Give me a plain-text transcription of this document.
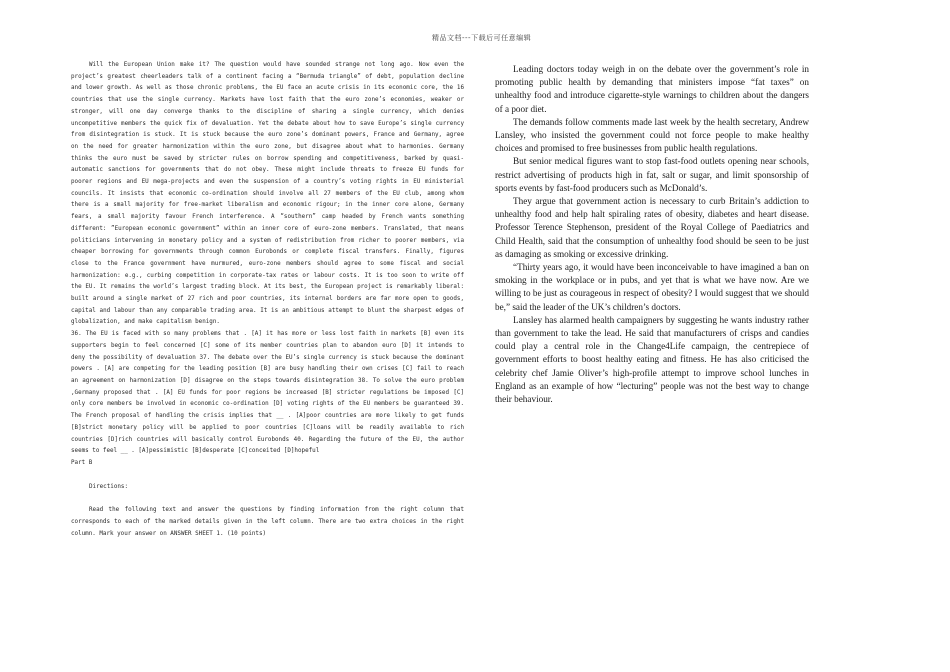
精品文档---下载后可任意编辑

Will the European Union make it? The question would have sounded strange not long ago. Now even the project’s greatest cheerleaders talk of a continent facing a “Bermuda triangle” of debt, population decline and lower growth. As well as those chronic problems, the EU face an acute crisis in its economic core, the 16 countries that use the single currency. Markets have lost faith that the euro zone’s economies, weaker or stronger, will one day converge thanks to the discipline of sharing a single currency, which denies uncompetitive members the quick fix of devaluation. Yet the debate about how to save Europe’s single currency from disintegration is stuck. It is stuck because the euro zone’s dominant powers, France and Germany, agree on the need for greater harmonization within the euro zone, but disagree about what to harmonies. Germany thinks the euro must be saved by stricter rules on borrow spending and competitiveness, barked by quasi-automatic sanctions for governments that do not obey. These might include threats to freeze EU funds for poorer regions and EU mega-projects and even the suspension of a country’s voting rights in EU ministerial councils. It insists that economic co-ordination should involve all 27 members of the EU club, among whom there is a small majority for free-market liberalism and economic rigour; in the inner core alone, Germany fears, a small majority favour French interference. A “southern” camp headed by French wants something different: ”European economic government” within an inner core of euro-zone members. Translated, that means politicians intervening in monetary policy and a system of redistribution from richer to poorer members, via cheaper borrowing for governments through common Eurobonds or complete fiscal transfers. Finally, figures close to the France government have murmured, euro-zone members should agree to some fiscal and social harmonization: e.g., curbing competition in corporate-tax rates or labour costs. It is too soon to write off the EU. It remains the world’s largest trading block. At its best, the European project is remarkably liberal: built around a single market of 27 rich and poor countries, its internal borders are far more open to goods, capital and labour than any comparable trading area. It is an ambitious attempt to blunt the sharpest edges of globalization, and make capitalism benign.

36. The EU is faced with so many problems that . [A] it has more or less lost faith in markets [B] even its supporters begin to feel concerned [C] some of its member countries plan to abandon euro [D] it intends to deny the possibility of devaluation 37. The debate over the EU’s single currency is stuck because the dominant powers . [A] are competing for the leading position [B] are busy handling their own crises [C] fail to reach an agreement on harmonization [D] disagree on the steps towards disintegration 38. To solve the euro problem ,Germany proposed that . [A] EU funds for poor regions be increased [B] stricter regulations be imposed [C] only core members be involved in economic co-ordination [D] voting rights of the EU members be guaranteed 39. The French proposal of handling the crisis implies that __ . [A]poor countries are more likely to get funds [B]strict monetary policy will be applied to poor countries [C]loans will be readily available to rich countries [D]rich countries will basically control Eurobonds 40. Regarding the future of the EU, the author seems to feel __ . [A]pessimistic [B]desperate [C]conceited [D]hopeful

Part B

Directions:

Read the following text and answer the questions by finding information from the right column that corresponds to each of the marked details given in the left column. There are two extra choices in the right column. Mark your answer on ANSWER SHEET 1. (10 points)

Leading doctors today weigh in on the debate over the government’s role in promoting public health by demanding that ministers impose “fat taxes” on unhealthy food and introduce cigarette-style warnings to children about the dangers of a poor diet.

The demands follow comments made last week by the health secretary, Andrew Lansley, who insisted the government could not force people to make healthy choices and promised to free businesses from public health regulations.

But senior medical figures want to stop fast-food outlets opening near schools, restrict advertising of products high in fat, salt or sugar, and limit sponsorship of sports events by fast-food producers such as McDonald’s.

They argue that government action is necessary to curb Britain’s addiction to unhealthy food and help halt spiraling rates of obesity, diabetes and heart disease. Professor Terence Stephenson, president of the Royal College of Paediatrics and Child Health, said that the consumption of unhealthy food should be seen to be just as damaging as smoking or excessive drinking.

“Thirty years ago, it would have been inconceivable to have imagined a ban on smoking in the workplace or in pubs, and yet that is what we have now. Are we willing to be just as courageous in respect of obesity? I would suggest that we should be,” said the leader of the UK’s children’s doctors.

Lansley has alarmed health campaigners by suggesting he wants industry rather than government to take the lead. He said that manufacturers of crisps and candies could play a central role in the Change4Life campaign, the centrepiece of government efforts to boost healthy eating and fitness. He has also criticised the celebrity chef Jamie Oliver’s high-profile attempt to improve school lunches in England as an example of how “lecturing” people was not the best way to change their behaviour.
